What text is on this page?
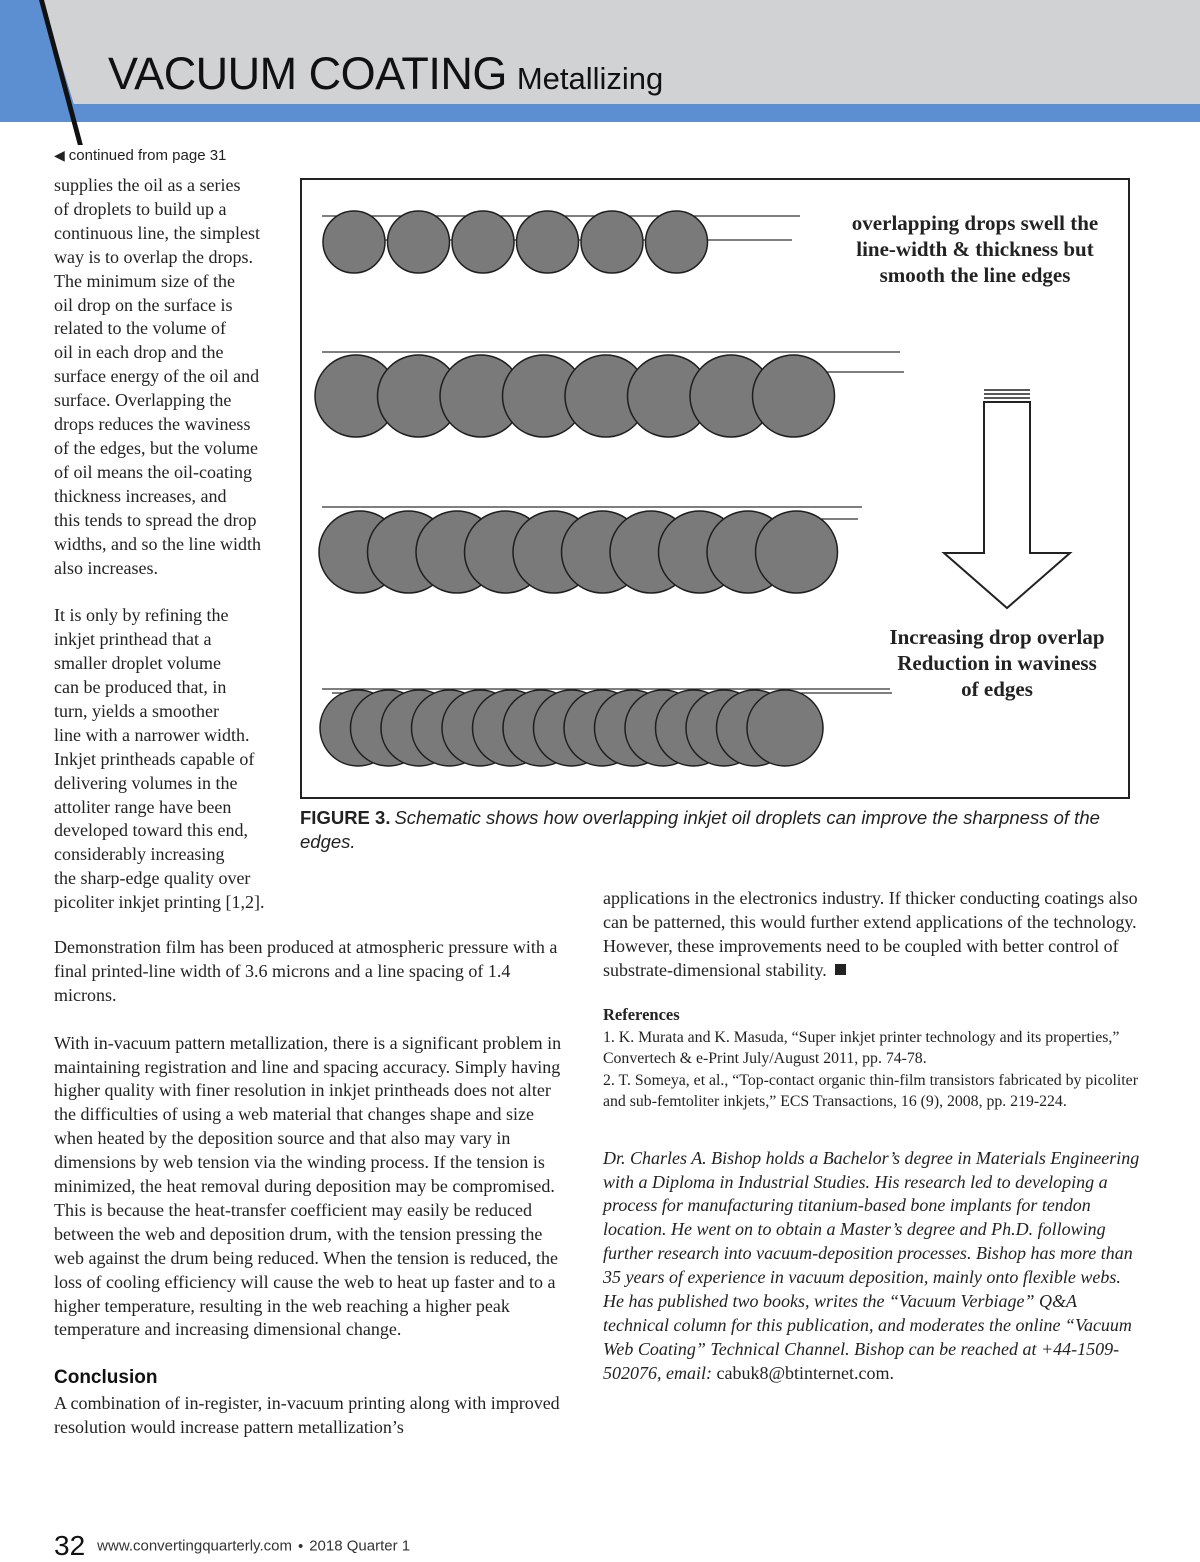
VACUUM COATING Metallizing
◀ continued from page 31

supplies the oil as a series
of droplets to build up a
continuous line, the simplest
way is to overlap the drops.
The minimum size of the
oil drop on the surface is
related to the volume of
oil in each drop and the
surface energy of the oil and
surface. Overlapping the
drops reduces the waviness
of the edges, but the volume
of oil means the oil-coating
thickness increases, and
this tends to spread the drop
widths, and so the line width
also increases.

It is only by refining the
inkjet printhead that a
smaller droplet volume
can be produced that, in
turn, yields a smoother
line with a narrower width.
Inkjet printheads capable of
delivering volumes in the
attoliter range have been
developed toward this end,
considerably increasing
the sharp-edge quality over
picoliter inkjet printing [1,2].

overlapping drops swell the
line-width & thickness but
smooth the line edges
Increasing drop overlap
Reduction in waviness
of edges
FIGURE 3. Schematic shows how overlapping inkjet oil droplets can improve the sharpness of the edges.

Demonstration film has been produced at atmospheric pressure with a final printed-line width of 3.6 microns and a line spacing of 1.4 microns.

With in-vacuum pattern metallization, there is a significant problem in maintaining registration and line and spacing accuracy. Simply having higher quality with finer resolution in inkjet printheads does not alter the difficulties of using a web material that changes shape and size when heated by the deposition source and that also may vary in dimensions by web tension via the winding process. If the tension is minimized, the heat removal during deposition may be compromised. This is because the heat-transfer coefficient may easily be reduced between the web and deposition drum, with the tension pressing the web against the drum being reduced. When the tension is reduced, the loss of cooling efficiency will cause the web to heat up faster and to a higher temperature, resulting in the web reaching a higher peak temperature and increasing dimensional change.

Conclusion

A combination of in-register, in-vacuum printing along with improved resolution would increase pattern metallization’s

applications in the electronics industry. If thicker conducting coatings also can be patterned, this would further extend applications of the technology. However, these improvements need to be coupled with better control of substrate-dimensional stability.

References

1. K. Murata and K. Masuda, “Super inkjet printer technology and its properties,” Convertech & e-Print July/August 2011, pp. 74-78.

2. T. Someya, et al., “Top-contact organic thin-film transistors fabricated by picoliter and sub-femtoliter inkjets,” ECS Transactions, 16 (9), 2008, pp. 219-224.

Dr. Charles A. Bishop holds a Bachelor’s degree in Materials Engineering with a Diploma in Industrial Studies. His research led to developing a process for manufacturing titanium-based bone implants for tendon location. He went on to obtain a Master’s degree and Ph.D. following further research into vacuum-deposition processes. Bishop has more than 35 years of experience in vacuum deposition, mainly onto flexible webs. He has published two books, writes the “Vacuum Verbiage” Q&A technical column for this publication, and moderates the online “Vacuum Web Coating” Technical Channel. Bishop can be reached at +44-1509-502076, email: cabuk8@btinternet.com.
32 www.convertingquarterly.com • 2018 Quarter 1
